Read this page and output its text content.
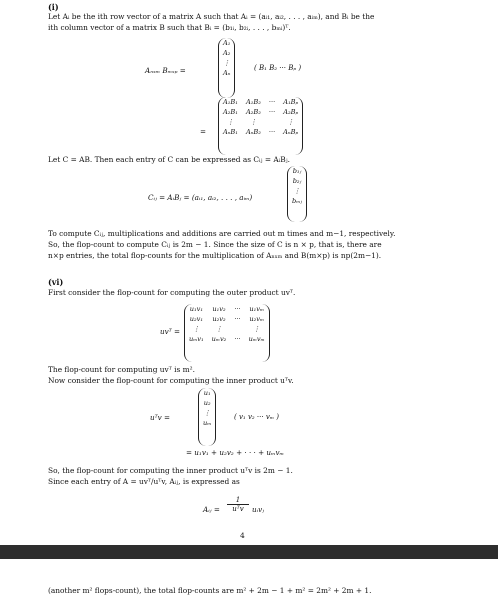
(i)
Let Aᵢ be the ith row vector of a matrix A such that Aᵢ = (aᵢ₁, aᵢ₂, . . . , aᵢₘ), and Bᵢ be the
ith column vector of a matrix B such that Bᵢ = (b₁ᵢ, b₂ᵢ, . . . , bₘᵢ)ᵀ.
Aₙₓₘ Bₘₓₚ =
A₁
A₂
⋮
Aₙ
( B₁ B₂ ··· Bₚ )
=
A₁B₁	A₁B₂	···	A₁Bₚ
A₂B₁	A₂B₂	···	A₂Bₚ
⋮	⋮		⋮
AₙB₁	AₙB₂	···	AₙBₚ
Let C = AB. Then each entry of C can be expressed as Cᵢⱼ = AᵢBⱼ.
Cᵢⱼ = AᵢBⱼ = (aᵢ₁, aᵢ₂, . . . , aᵢₘ)
b₁ⱼ
b₂ⱼ
⋮
bₘⱼ
To compute Cᵢⱼ, multiplications and additions are carried out m times and m−1, respectively.
So, the flop-count to compute Cᵢⱼ is 2m − 1. Since the size of C is n × p, that is, there are
n×p entries, the total flop-counts for the multiplication of Aₙₓₘ and B(m×p) is np(2m−1).
(vi)
First consider the flop-count for computing the outer product uvᵀ.
uvᵀ =
u₁v₁	u₁v₂	···	u₁vₘ
u₂v₁	u₂v₂	···	u₂vₘ
⋮	⋮		⋮
uₘv₁	uₘv₂	···	uₘvₘ
The flop-count for computing uvᵀ is m².
Now consider the flop-count for computing the inner product uᵀv.
uᵀv =
u₁
u₂
⋮
uₘ
( v₁ v₂ ··· vₘ )
= u₁v₁ + u₂v₂ + · · · + uₘvₘ
So, the flop-count for computing the inner product uᵀv is 2m − 1.
Since each entry of A = uvᵀ/uᵀv, Aᵢⱼ, is expressed as
Aᵢⱼ =
1
uᵀv	uᵢvⱼ
4
(another m² flops-count), the total flop-counts are m² + 2m − 1 + m² = 2m² + 2m + 1.
